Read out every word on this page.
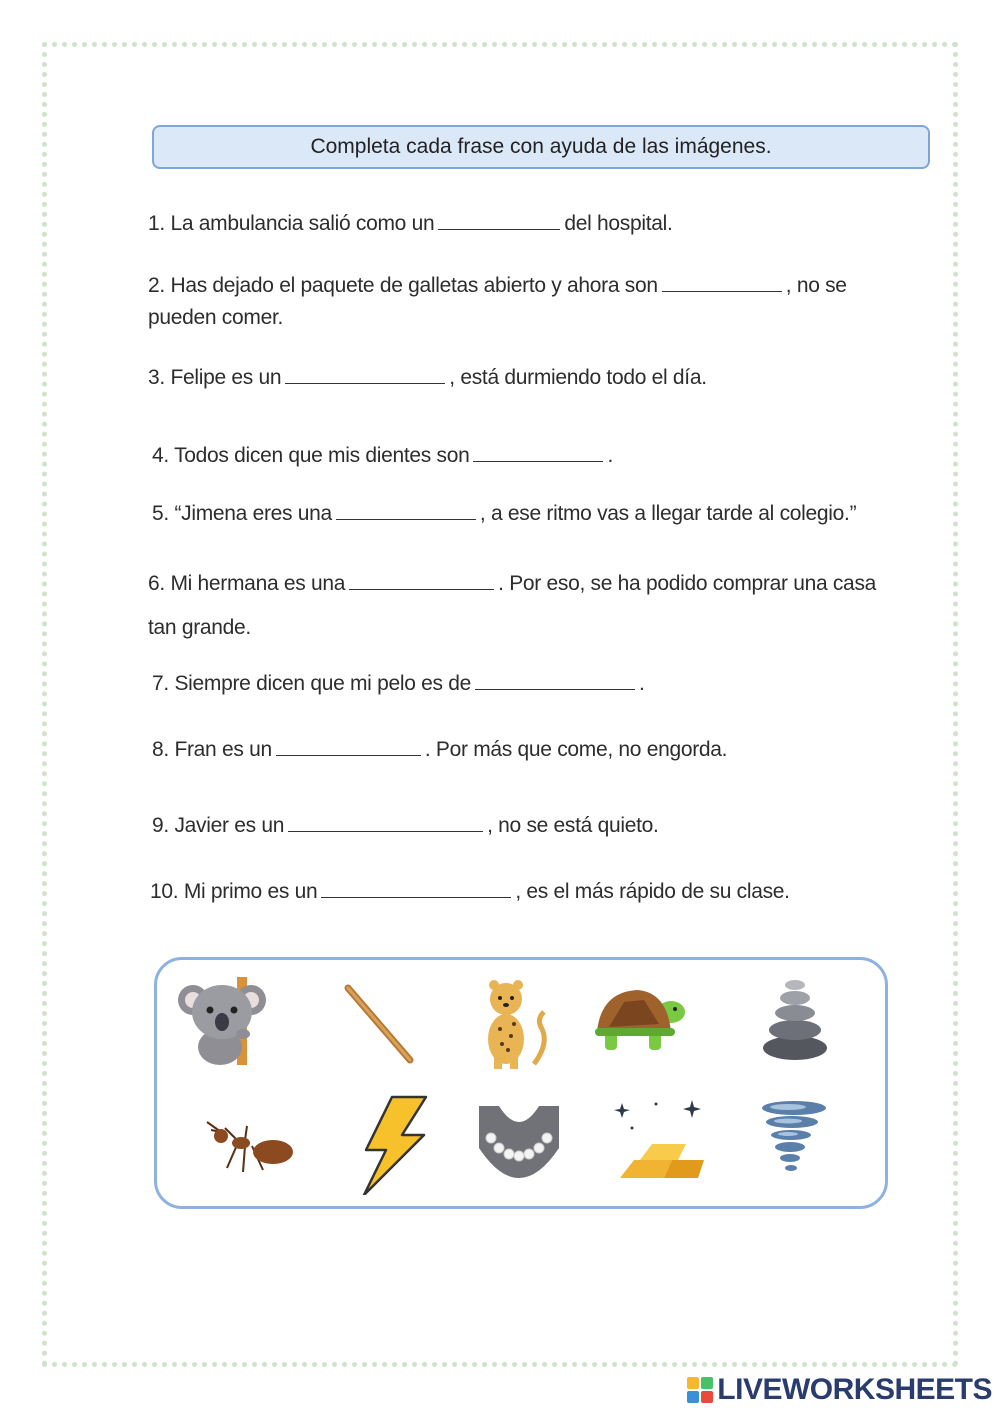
Completa cada frase con ayuda de las imágenes.
1. La ambulancia salió como un	del hospital.
2. Has dejado el paquete de galletas abierto y ahora son	, no se pueden comer.
3. Felipe es un	, está durmiendo todo el día.
4. Todos dicen que mis dientes son	.
5. “Jimena eres una	, a ese ritmo vas a llegar tarde al colegio.”
6. Mi hermana es una	. Por eso, se ha podido comprar una casa tan grande.
7. Siempre dicen que mi pelo es de	.
8. Fran es un	. Por más que come, no engorda.
9. Javier es un	, no se está quieto.
10. Mi primo es un	, es el más rápido de su clase.
LIVEWORKSHEETS
